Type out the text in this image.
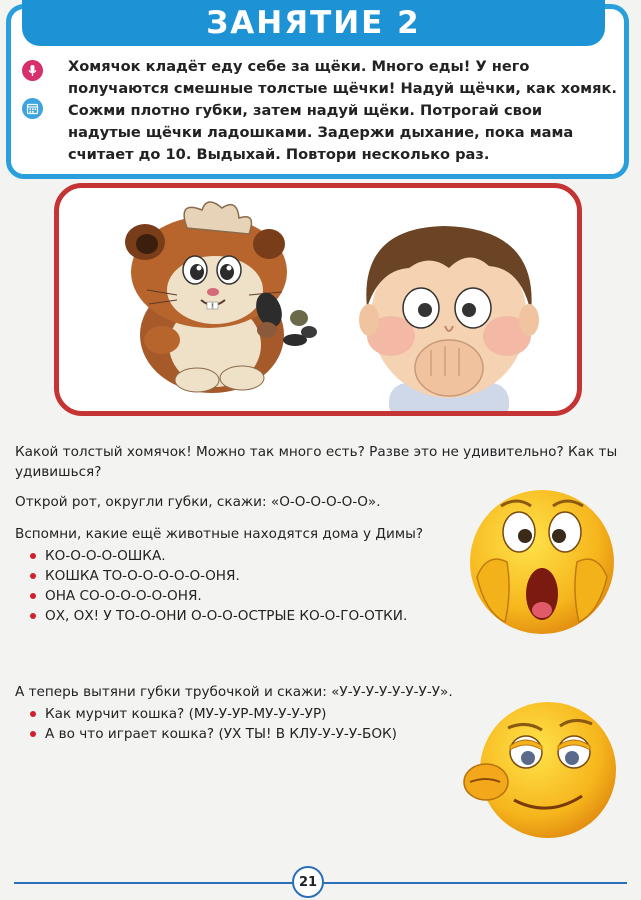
ЗАНЯТИЕ 2

Хомячок кладёт еду себе за щёки. Много еды! У него получаются смешные толстые щёчки! Надуй щёчки, как хомяк. Сожми плотно губки, затем надуй щёки. Потрогай свои надутые щёчки ладошками. Задержи дыхание, пока мама считает до 10. Выдыхай. Повтори несколько раз.

Какой толстый хомячок! Можно так много есть? Разве это не удивительно? Как ты удивишься?

Открой рот, округли губки, скажи: «О-О-О-О-О-О».

Вспомни, какие ещё животные находятся дома у Димы?

КО-О-О-О-ОШКА.
КОШКА ТО-О-О-О-О-О-ОНЯ.
ОНА СО-О-О-О-О-ОНЯ.
ОХ, ОХ! У ТО-О-ОНИ О-О-О-ОСТРЫЕ КО-О-ГО-ОТКИ.

А теперь вытяни губки трубочкой и скажи: «У-У-У-У-У-У-У-У».

Как мурчит кошка? (МУ-У-УР-МУ-У-У-УР)
А во что играет кошка? (УХ ТЫ! В КЛУ-У-У-У-БОК)
21
